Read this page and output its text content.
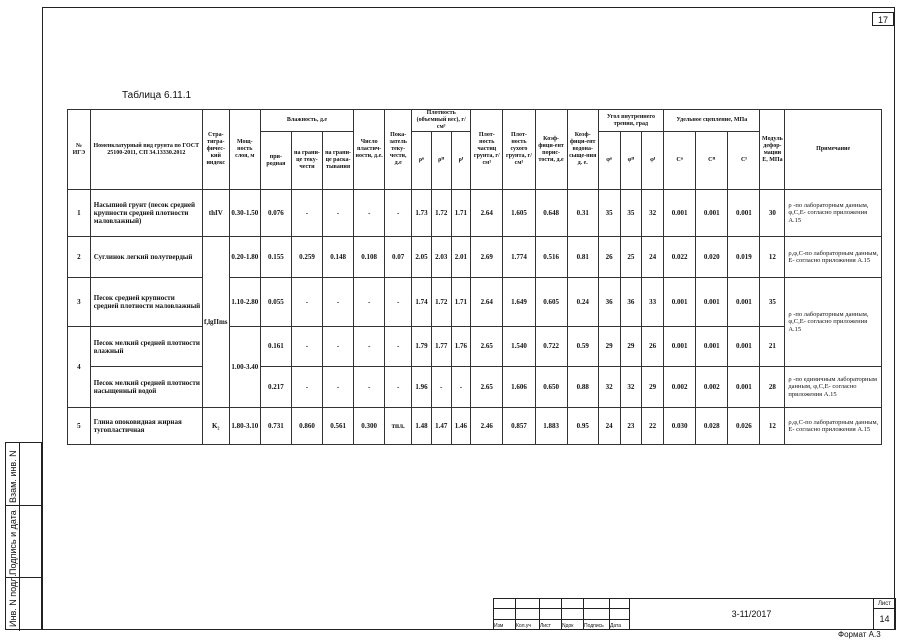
17
Таблица 6.11.1
№ ИГЭ	Номенклатурный вид грунта по ГОСТ 25100-2011, СП 34.13330.2012	Стра-тигра-фичес-кий индекс	Мощ-ность слоя, м	Влажность, д.е			Число пластич-ности, д.е.	Пока-затель теку-чести, д.е	Плотность (объемный вес), г/см³			Плот-ность частиц грунта, г/см³	Плот-ность сухого грунта, г/см³	Коэф-фици-ент порис-тости, д.е	Коэф-фици-ент водона-сыще-ния д. е.	Угол внутреннего трения, град			Удельное сцепление, МПа			Модуль дефор-мации Е, МПа	Примечание
				при-родная	на грани-це теку-чести	на грани-це раска-тывания			ρⁿ	ρᴵᴵ	ρᴵ					φⁿ	φᴵᴵ	φᴵ	Сⁿ	Сᴵᴵ	Сᴵ		
1	Насыпной грунт (песок средней крупности средней плотности маловлажный)	thIV	0.30-1.50	0.076	-	-	-	-	1.73	1.72	1.71	2.64	1.605	0.648	0.31	35	35	32	0.001	0.001	0.001	30	ρ -по лабораторным данным, φ,С,Е- согласно приложения А.15
2	Суглинок легкий полутвердый	f,lgIIms	0.20-1.80	0.155	0.259	0.148	0.108	0.07	2.05	2.03	2.01	2.69	1.774	0.516	0.81	26	25	24	0.022	0.020	0.019	12	ρ,φ,С-по лабораторным данным, Е- согласно приложения А.15
3	Песок средней крупности средней плотности маловлажный		1.10-2.80	0.055	-	-	-	-	1.74	1.72	1.71	2.64	1.649	0.605	0.24	36	36	33	0.001	0.001	0.001	35	ρ -по лабораторным данным, φ,С,Е- согласно приложения А.15
4	Песок мелкий средней плотности влажный		1.00-3.40	0.161	-	-	-	-	1.79	1.77	1.76	2.65	1.540	0.722	0.59	29	29	26	0.001	0.001	0.001	21	
	Песок мелкий средней плотности насыщенный водой			0.217	-	-	-	-	1.96	-	-	2.65	1.606	0.650	0.88	32	32	29	0.002	0.002	0.001	28	ρ -по единичным лабораторным данным, φ,С,Е- согласно приложения А.15
5	Глина опоковидная жирная тугопластичная	K₂	1.80-3.10	0.731	0.860	0.561	0.300	тпл.	1.48	1.47	1.46	2.46	0.857	1.883	0.95	24	23	22	0.030	0.028	0.026	12	ρ,φ,С-по лабораторным данным, Е- согласно приложения А.15
Взам. инв. N
Подпись и дата
Инв. N подл.
							3-11/2017	Лист
							14
Изм	Кол.уч	Лист	Nдок	Подпись	Дата		
Формат А.3
